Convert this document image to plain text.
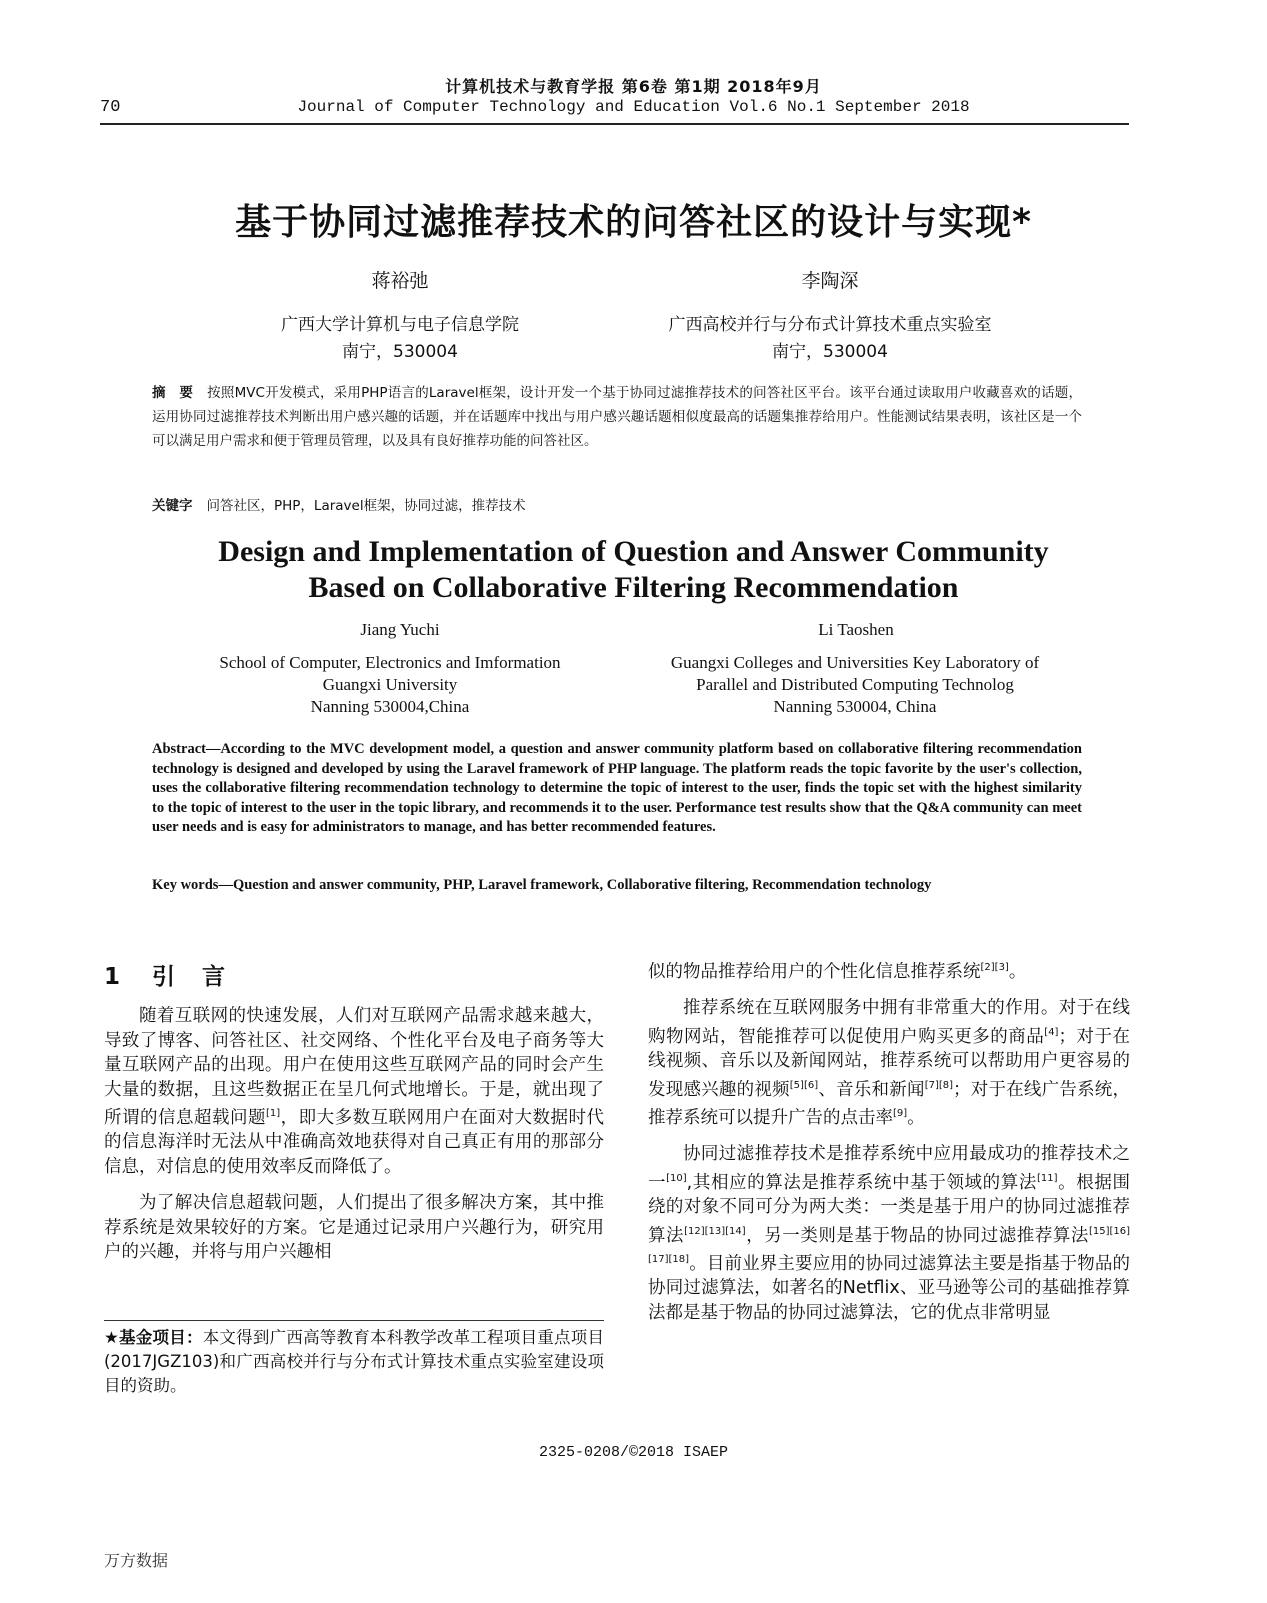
计算机技术与教育学报 第6卷 第1期 2018年9月
70	Journal of Computer Technology and Education Vol.6 No.1 September 2018
基于协同过滤推荐技术的问答社区的设计与实现*
蒋裕弛	李陶深
广西大学计算机与电子信息学院
南宁，530004
广西高校并行与分布式计算技术重点实验室
南宁，530004
摘　要 按照MVC开发模式，采用PHP语言的Laravel框架，设计开发一个基于协同过滤推荐技术的问答社区平台。该平台通过读取用户收藏喜欢的话题，运用协同过滤推荐技术判断出用户感兴趣的话题，并在话题库中找出与用户感兴趣话题相似度最高的话题集推荐给用户。性能测试结果表明，该社区是一个可以满足用户需求和便于管理员管理，以及具有良好推荐功能的问答社区。
关键字 问答社区，PHP，Laravel框架，协同过滤，推荐技术
Design and Implementation of Question and Answer Community
Based on Collaborative Filtering Recommendation
Jiang Yuchi	Li Taoshen
School of Computer, Electronics and Imformation
Guangxi University
Nanning 530004,China
Guangxi Colleges and Universities Key Laboratory of
Parallel and Distributed Computing Technolog
Nanning 530004, China
Abstract—According to the MVC development model, a question and answer community platform based on collaborative filtering recommendation technology is designed and developed by using the Laravel framework of PHP language. The platform reads the topic favorite by the user's collection, uses the collaborative filtering recommendation technology to determine the topic of interest to the user, finds the topic set with the highest similarity to the topic of interest to the user in the topic library, and recommends it to the user. Performance test results show that the Q&A community can meet user needs and is easy for administrators to manage, and has better recommended features.
Key words—Question and answer community, PHP, Laravel framework, Collaborative filtering, Recommendation technology
1 引　言

随着互联网的快速发展，人们对互联网产品需求越来越大，导致了博客、问答社区、社交网络、个性化平台及电子商务等大量互联网产品的出现。用户在使用这些互联网产品的同时会产生大量的数据，且这些数据正在呈几何式地增长。于是，就出现了所谓的信息超载问题[1]，即大多数互联网用户在面对大数据时代的信息海洋时无法从中准确高效地获得对自己真正有用的那部分信息，对信息的使用效率反而降低了。

为了解决信息超载问题，人们提出了很多解决方案，其中推荐系统是效果较好的方案。它是通过记录用户兴趣行为，研究用户的兴趣，并将与用户兴趣相

★基金项目：本文得到广西高等教育本科教学改革工程项目重点项目(2017JGZ103)和广西高校并行与分布式计算技术重点实验室建设项目的资助。

似的物品推荐给用户的个性化信息推荐系统[2][3]。

推荐系统在互联网服务中拥有非常重大的作用。对于在线购物网站，智能推荐可以促使用户购买更多的商品[4]；对于在线视频、音乐以及新闻网站，推荐系统可以帮助用户更容易的发现感兴趣的视频[5][6]、音乐和新闻[7][8]；对于在线广告系统，推荐系统可以提升广告的点击率[9]。

协同过滤推荐技术是推荐系统中应用最成功的推荐技术之一[10],其相应的算法是推荐系统中基于领域的算法[11]。根据围绕的对象不同可分为两大类：一类是基于用户的协同过滤推荐算法[12][13][14]，另一类则是基于物品的协同过滤推荐算法[15][16][17][18]。目前业界主要应用的协同过滤算法主要是指基于物品的协同过滤算法，如著名的Netflix、亚马逊等公司的基础推荐算法都是基于物品的协同过滤算法，它的优点非常明显

2325-0208/©2018 ISAEP
万方数据
